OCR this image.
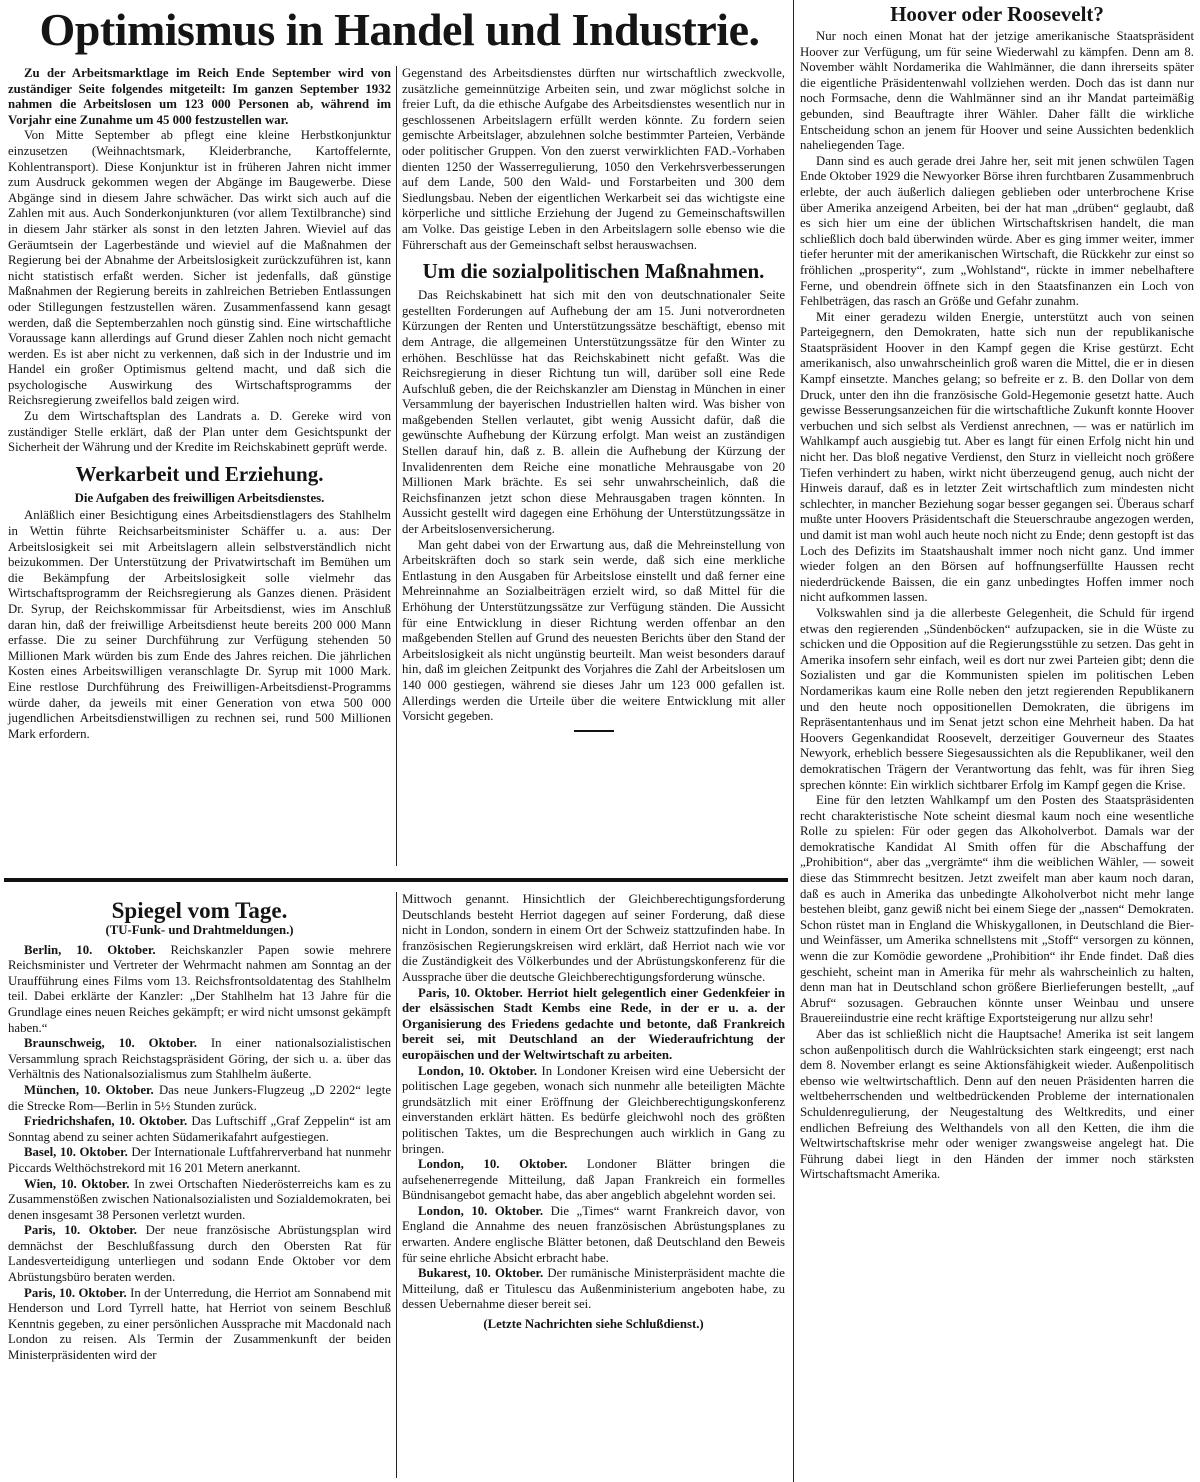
Optimismus in Handel und Industrie.

Zu der Arbeitsmarktlage im Reich Ende September wird von zuständiger Seite folgendes mitgeteilt: Im ganzen September 1932 nahmen die Arbeitslosen um 123 000 Personen ab, während im Vorjahr eine Zunahme um 45 000 festzustellen war.

Von Mitte September ab pflegt eine kleine Herbstkonjunktur einzusetzen (Weihnachtsmark, Kleiderbranche, Kartoffelernte, Kohlentransport). Diese Konjunktur ist in früheren Jahren nicht immer zum Ausdruck gekommen wegen der Abgänge im Baugewerbe. Diese Abgänge sind in diesem Jahre schwächer. Das wirkt sich auch auf die Zahlen mit aus. Auch Sonderkonjunkturen (vor allem Textilbranche) sind in diesem Jahr stärker als sonst in den letzten Jahren. Wieviel auf das Geräumtsein der Lagerbestände und wieviel auf die Maßnahmen der Regierung bei der Abnahme der Arbeitslosigkeit zurückzuführen ist, kann nicht statistisch erfaßt werden. Sicher ist jedenfalls, daß günstige Maßnahmen der Regierung bereits in zahlreichen Betrieben Entlassungen oder Stillegungen festzustellen wären. Zusammenfassend kann gesagt werden, daß die Septemberzahlen noch günstig sind. Eine wirtschaftliche Voraussage kann allerdings auf Grund dieser Zahlen noch nicht gemacht werden. Es ist aber nicht zu verkennen, daß sich in der Industrie und im Handel ein großer Optimismus geltend macht, und daß sich die psychologische Auswirkung des Wirtschaftsprogramms der Reichsregierung zweifellos bald zeigen wird.

Zu dem Wirtschaftsplan des Landrats a. D. Gereke wird von zuständiger Stelle erklärt, daß der Plan unter dem Gesichtspunkt der Sicherheit der Währung und der Kredite im Reichskabinett geprüft werde.

Werkarbeit und Erziehung.
Die Aufgaben des freiwilligen Arbeitsdienstes.

Anläßlich einer Besichtigung eines Arbeitsdienstlagers des Stahlhelm in Wettin führte Reichsarbeitsminister Schäffer u. a. aus: Der Arbeitslosigkeit sei mit Arbeitslagern allein selbstverständlich nicht beizukommen. Der Unterstützung der Privatwirtschaft im Bemühen um die Bekämpfung der Arbeitslosigkeit solle vielmehr das Wirtschaftsprogramm der Reichsregierung als Ganzes dienen. Präsident Dr. Syrup, der Reichskommissar für Arbeitsdienst, wies im Anschluß daran hin, daß der freiwillige Arbeitsdienst heute bereits 200 000 Mann erfasse. Die zu seiner Durchführung zur Verfügung stehenden 50 Millionen Mark würden bis zum Ende des Jahres reichen. Die jährlichen Kosten eines Arbeitswilligen veranschlagte Dr. Syrup mit 1000 Mark. Eine restlose Durchführung des Freiwilligen-Arbeitsdienst-Programms würde daher, da jeweils mit einer Generation von etwa 500 000 jugendlichen Arbeitsdienstwilligen zu rechnen sei, rund 500 Millionen Mark erfordern.

Gegenstand des Arbeitsdienstes dürften nur wirtschaftlich zweckvolle, zusätzliche gemeinnützige Arbeiten sein, und zwar möglichst solche in freier Luft, da die ethische Aufgabe des Arbeitsdienstes wesentlich nur in geschlossenen Arbeitslagern erfüllt werden könnte. Zu fordern seien gemischte Arbeitslager, abzulehnen solche bestimmter Parteien, Verbände oder politischer Gruppen. Von den zuerst verwirklichten FAD.-Vorhaben dienten 1250 der Wasserregulierung, 1050 den Verkehrsverbesserungen auf dem Lande, 500 den Wald- und Forstarbeiten und 300 dem Siedlungsbau. Neben der eigentlichen Werkarbeit sei das wichtigste eine körperliche und sittliche Erziehung der Jugend zu Gemeinschaftswillen am Volke. Das geistige Leben in den Arbeitslagern solle ebenso wie die Führerschaft aus der Gemeinschaft selbst herauswachsen.

Um die sozialpolitischen Maßnahmen.

Das Reichskabinett hat sich mit den von deutschnationaler Seite gestellten Forderungen auf Aufhebung der am 15. Juni notverordneten Kürzungen der Renten und Unterstützungssätze beschäftigt, ebenso mit dem Antrage, die allgemeinen Unterstützungssätze für den Winter zu erhöhen. Beschlüsse hat das Reichskabinett nicht gefaßt. Was die Reichsregierung in dieser Richtung tun will, darüber soll eine Rede Aufschluß geben, die der Reichskanzler am Dienstag in München in einer Versammlung der bayerischen Industriellen halten wird. Was bisher von maßgebenden Stellen verlautet, gibt wenig Aussicht dafür, daß die gewünschte Aufhebung der Kürzung erfolgt. Man weist an zuständigen Stellen darauf hin, daß z. B. allein die Aufhebung der Kürzung der Invalidenrenten dem Reiche eine monatliche Mehrausgabe von 20 Millionen Mark brächte. Es sei sehr unwahrscheinlich, daß die Reichsfinanzen jetzt schon diese Mehrausgaben tragen könnten. In Aussicht gestellt wird dagegen eine Erhöhung der Unterstützungssätze in der Arbeitslosenversicherung.

Man geht dabei von der Erwartung aus, daß die Mehreinstellung von Arbeitskräften doch so stark sein werde, daß sich eine merkliche Entlastung in den Ausgaben für Arbeitslose einstellt und daß ferner eine Mehreinnahme an Sozialbeiträgen erzielt wird, so daß Mittel für die Erhöhung der Unterstützungssätze zur Verfügung ständen. Die Aussicht für eine Entwicklung in dieser Richtung werden offenbar an den maßgebenden Stellen auf Grund des neuesten Berichts über den Stand der Arbeitslosigkeit als nicht ungünstig beurteilt. Man weist besonders darauf hin, daß im gleichen Zeitpunkt des Vorjahres die Zahl der Arbeitslosen um 140 000 gestiegen, während sie dieses Jahr um 123 000 gefallen ist. Allerdings werden die Urteile über die weitere Entwicklung mit aller Vorsicht gegeben.

Hoover oder Roosevelt?

Nur noch einen Monat hat der jetzige amerikanische Staatspräsident Hoover zur Verfügung, um für seine Wiederwahl zu kämpfen. Denn am 8. November wählt Nordamerika die Wahlmänner, die dann ihrerseits später die eigentliche Präsidentenwahl vollziehen werden. Doch das ist dann nur noch Formsache, denn die Wahlmänner sind an ihr Mandat parteimäßig gebunden, sind Beauftragte ihrer Wähler. Daher fällt die wirkliche Entscheidung schon an jenem für Hoover und seine Aussichten bedenklich naheliegenden Tage.

Dann sind es auch gerade drei Jahre her, seit mit jenen schwülen Tagen Ende Oktober 1929 die Newyorker Börse ihren furchtbaren Zusammenbruch erlebte, der auch äußerlich daliegen geblieben oder unterbrochene Krise über Amerika anzeigend Arbeiten, bei der hat man „drüben“ geglaubt, daß es sich hier um eine der üblichen Wirtschaftskrisen handelt, die man schließlich doch bald überwinden würde. Aber es ging immer weiter, immer tiefer herunter mit der amerikanischen Wirtschaft, die Rückkehr zur einst so fröhlichen „prosperity“, zum „Wohlstand“, rückte in immer nebelhaftere Ferne, und obendrein öffnete sich in den Staatsfinanzen ein Loch von Fehlbeträgen, das rasch an Größe und Gefahr zunahm.

Mit einer geradezu wilden Energie, unterstützt auch von seinen Parteigegnern, den Demokraten, hatte sich nun der republikanische Staatspräsident Hoover in den Kampf gegen die Krise gestürzt. Echt amerikanisch, also unwahrscheinlich groß waren die Mittel, die er in diesen Kampf einsetzte. Manches gelang; so befreite er z. B. den Dollar von dem Druck, unter den ihn die französische Gold-Hegemonie gesetzt hatte. Auch gewisse Besserungsanzeichen für die wirtschaftliche Zukunft konnte Hoover verbuchen und sich selbst als Verdienst anrechnen, — was er natürlich im Wahlkampf auch ausgiebig tut. Aber es langt für einen Erfolg nicht hin und nicht her. Das bloß negative Verdienst, den Sturz in vielleicht noch größere Tiefen verhindert zu haben, wirkt nicht überzeugend genug, auch nicht der Hinweis darauf, daß es in letzter Zeit wirtschaftlich zum mindesten nicht schlechter, in mancher Beziehung sogar besser gegangen sei. Überaus scharf mußte unter Hoovers Präsidentschaft die Steuerschraube angezogen werden, und damit ist man wohl auch heute noch nicht zu Ende; denn gestopft ist das Loch des Defizits im Staatshaushalt immer noch nicht ganz. Und immer wieder folgen an den Börsen auf hoffnungserfüllte Haussen recht niederdrückende Baissen, die ein ganz unbedingtes Hoffen immer noch nicht aufkommen lassen.

Volkswahlen sind ja die allerbeste Gelegenheit, die Schuld für irgend etwas den regierenden „Sündenböcken“ aufzupacken, sie in die Wüste zu schicken und die Opposition auf die Regierungsstühle zu setzen. Das geht in Amerika insofern sehr einfach, weil es dort nur zwei Parteien gibt; denn die Sozialisten und gar die Kommunisten spielen im politischen Leben Nordamerikas kaum eine Rolle neben den jetzt regierenden Republikanern und den heute noch oppositionellen Demokraten, die übrigens im Repräsentantenhaus und im Senat jetzt schon eine Mehrheit haben. Da hat Hoovers Gegenkandidat Roosevelt, derzeitiger Gouverneur des Staates Newyork, erheblich bessere Siegesaussichten als die Republikaner, weil den demokratischen Trägern der Verantwortung das fehlt, was für ihren Sieg sprechen könnte: Ein wirklich sichtbarer Erfolg im Kampf gegen die Krise.

Eine für den letzten Wahlkampf um den Posten des Staatspräsidenten recht charakteristische Note scheint diesmal kaum noch eine wesentliche Rolle zu spielen: Für oder gegen das Alkoholverbot. Damals war der demokratische Kandidat Al Smith offen für die Abschaffung der „Prohibition“, aber das „vergrämte“ ihm die weiblichen Wähler, — soweit diese das Stimmrecht besitzen. Jetzt zweifelt man aber kaum noch daran, daß es auch in Amerika das unbedingte Alkoholverbot nicht mehr lange bestehen bleibt, ganz gewiß nicht bei einem Siege der „nassen“ Demokraten. Schon rüstet man in England die Whiskygallonen, in Deutschland die Bier- und Weinfässer, um Amerika schnellstens mit „Stoff“ versorgen zu können, wenn die zur Komödie gewordene „Prohibition“ ihr Ende findet. Daß dies geschieht, scheint man in Amerika für mehr als wahrscheinlich zu halten, denn man hat in Deutschland schon größere Bierlieferungen bestellt, „auf Abruf“ sozusagen. Gebrauchen könnte unser Weinbau und unsere Brauereiindustrie eine recht kräftige Exportsteigerung nur allzu sehr!

Aber das ist schließlich nicht die Hauptsache! Amerika ist seit langem schon außenpolitisch durch die Wahlrücksichten stark eingeengt; erst nach dem 8. November erlangt es seine Aktionsfähigkeit wieder. Außenpolitisch ebenso wie weltwirtschaftlich. Denn auf den neuen Präsidenten harren die weltbeherrschenden und weltbedrückenden Probleme der internationalen Schuldenregulierung, der Neugestaltung des Weltkredits, und einer endlichen Befreiung des Welthandels von all den Ketten, die ihm die Weltwirtschaftskrise mehr oder weniger zwangsweise angelegt hat. Die Führung dabei liegt in den Händen der immer noch stärksten Wirtschaftsmacht Amerika.

Spiegel vom Tage.
(TU-Funk- und Drahtmeldungen.)

Berlin, 10. Oktober. Reichskanzler Papen sowie mehrere Reichsminister und Vertreter der Wehrmacht nahmen am Sonntag an der Uraufführung eines Films vom 13. Reichsfrontsoldatentag des Stahlhelm teil. Dabei erklärte der Kanzler: „Der Stahlhelm hat 13 Jahre für die Grundlage eines neuen Reiches gekämpft; er wird nicht umsonst gekämpft haben.“

Braunschweig, 10. Oktober. In einer nationalsozialistischen Versammlung sprach Reichstagspräsident Göring, der sich u. a. über das Verhältnis des Nationalsozialismus zum Stahlhelm äußerte.

München, 10. Oktober. Das neue Junkers-Flugzeug „D 2202“ legte die Strecke Rom—Berlin in 5½ Stunden zurück.

Friedrichshafen, 10. Oktober. Das Luftschiff „Graf Zeppelin“ ist am Sonntag abend zu seiner achten Südamerikafahrt aufgestiegen.

Basel, 10. Oktober. Der Internationale Luftfahrerverband hat nunmehr Piccards Welthöchstrekord mit 16 201 Metern anerkannt.

Wien, 10. Oktober. In zwei Ortschaften Niederösterreichs kam es zu Zusammenstößen zwischen Nationalsozialisten und Sozialdemokraten, bei denen insgesamt 38 Personen verletzt wurden.

Paris, 10. Oktober. Der neue französische Abrüstungsplan wird demnächst der Beschlußfassung durch den Obersten Rat für Landesverteidigung unterliegen und sodann Ende Oktober vor dem Abrüstungsbüro beraten werden.

Paris, 10. Oktober. In der Unterredung, die Herriot am Sonnabend mit Henderson und Lord Tyrrell hatte, hat Herriot von seinem Beschluß Kenntnis gegeben, zu einer persönlichen Aussprache mit Macdonald nach London zu reisen. Als Termin der Zusammenkunft der beiden Ministerpräsidenten wird der

Mittwoch genannt. Hinsichtlich der Gleichberechtigungsforderung Deutschlands besteht Herriot dagegen auf seiner Forderung, daß diese nicht in London, sondern in einem Ort der Schweiz stattzufinden habe. In französischen Regierungskreisen wird erklärt, daß Herriot nach wie vor die Zuständigkeit des Völkerbundes und der Abrüstungskonferenz für die Aussprache über die deutsche Gleichberechtigungsforderung wünsche.

Paris, 10. Oktober. Herriot hielt gelegentlich einer Gedenkfeier in der elsässischen Stadt Kembs eine Rede, in der er u. a. der Organisierung des Friedens gedachte und betonte, daß Frankreich bereit sei, mit Deutschland an der Wiederaufrichtung der europäischen und der Weltwirtschaft zu arbeiten.

London, 10. Oktober. In Londoner Kreisen wird eine Uebersicht der politischen Lage gegeben, wonach sich nunmehr alle beteiligten Mächte grundsätzlich mit einer Eröffnung der Gleichberechtigungskonferenz einverstanden erklärt hätten. Es bedürfe gleichwohl noch des größten politischen Taktes, um die Besprechungen auch wirklich in Gang zu bringen.

London, 10. Oktober. Londoner Blätter bringen die aufsehenerregende Mitteilung, daß Japan Frankreich ein formelles Bündnisangebot gemacht habe, das aber angeblich abgelehnt worden sei.

London, 10. Oktober. Die „Times“ warnt Frankreich davor, von England die Annahme des neuen französischen Abrüstungsplanes zu erwarten. Andere englische Blätter betonen, daß Deutschland den Beweis für seine ehrliche Absicht erbracht habe.

Bukarest, 10. Oktober. Der rumänische Ministerpräsident machte die Mitteilung, daß er Titulescu das Außenministerium angeboten habe, zu dessen Uebernahme dieser bereit sei.

(Letzte Nachrichten siehe Schlußdienst.)
